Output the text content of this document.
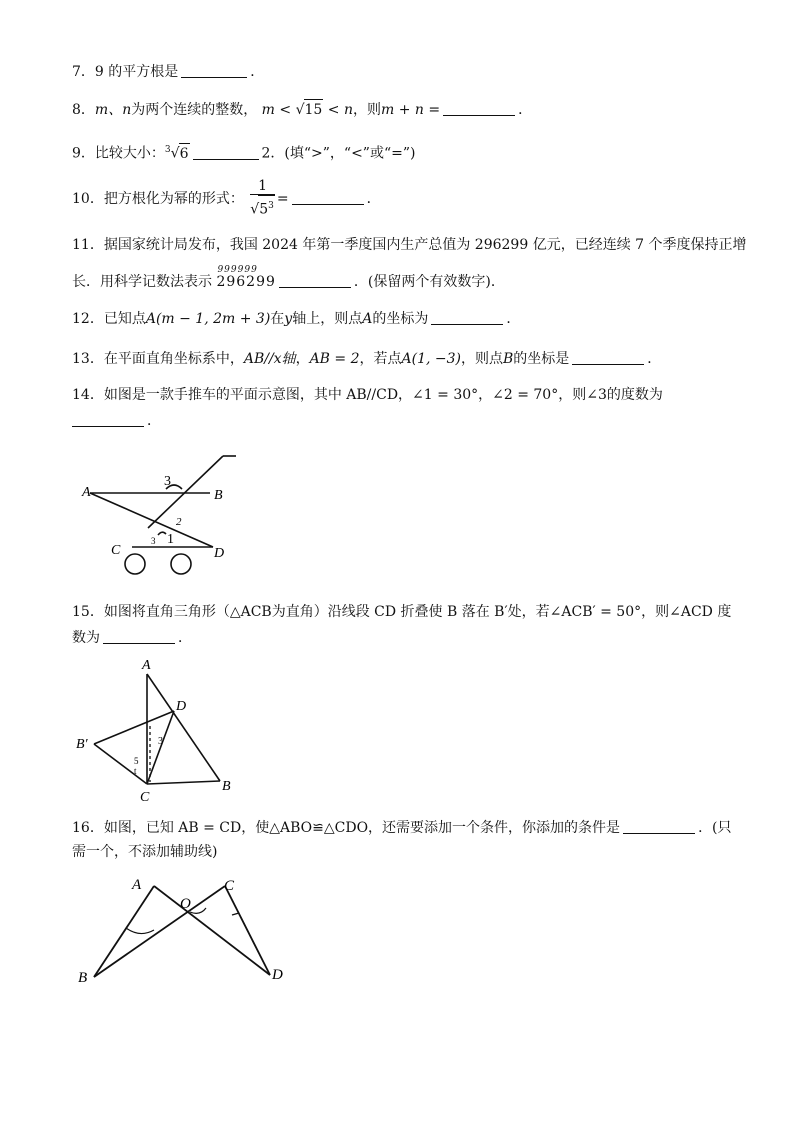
7．9 的平方根是	．
8．m、n为两个连续的整数， m < √15 < n，则m + n =	．
9．比较大小：$^3$√6	2．(填“>”，“<”或“=”)
10．把方根化为幂的形式： $\frac{1}{√5^3}$ =	．
11．据国家统计局发布，我国 2024 年第一季度国内生产总值为 296299 亿元，已经连续 7 个季度保持正增
长．用科学记数法表示
999999
296299	．(保留两个有效数字)．
12．已知点A(m − 1, 2m + 3)在y轴上，则点A的坐标为	．
13．在平面直角坐标系中，AB//x轴，AB = 2，若点A(1, −3)，则点B的坐标是	．
14．如图是一款手推车的平面示意图，其中 AB//CD，∠1 = 30°，∠2 = 70°，则∠3的度数为
．
A	B
C	D
3
1
2
3
15．如图将直角三角形（△ACB为直角）沿线段 CD 折叠使 B 落在 B′处，若∠ACB′ = 50°，则∠ACD 度
数为	．
A
B
C
D
B′	3
5
t
16．如图，已知 AB = CD，使△ABO≌△CDO，还需要添加一个条件，你添加的条件是	．(只
需一个，不添加辅助线)
A	C
O
B	D
